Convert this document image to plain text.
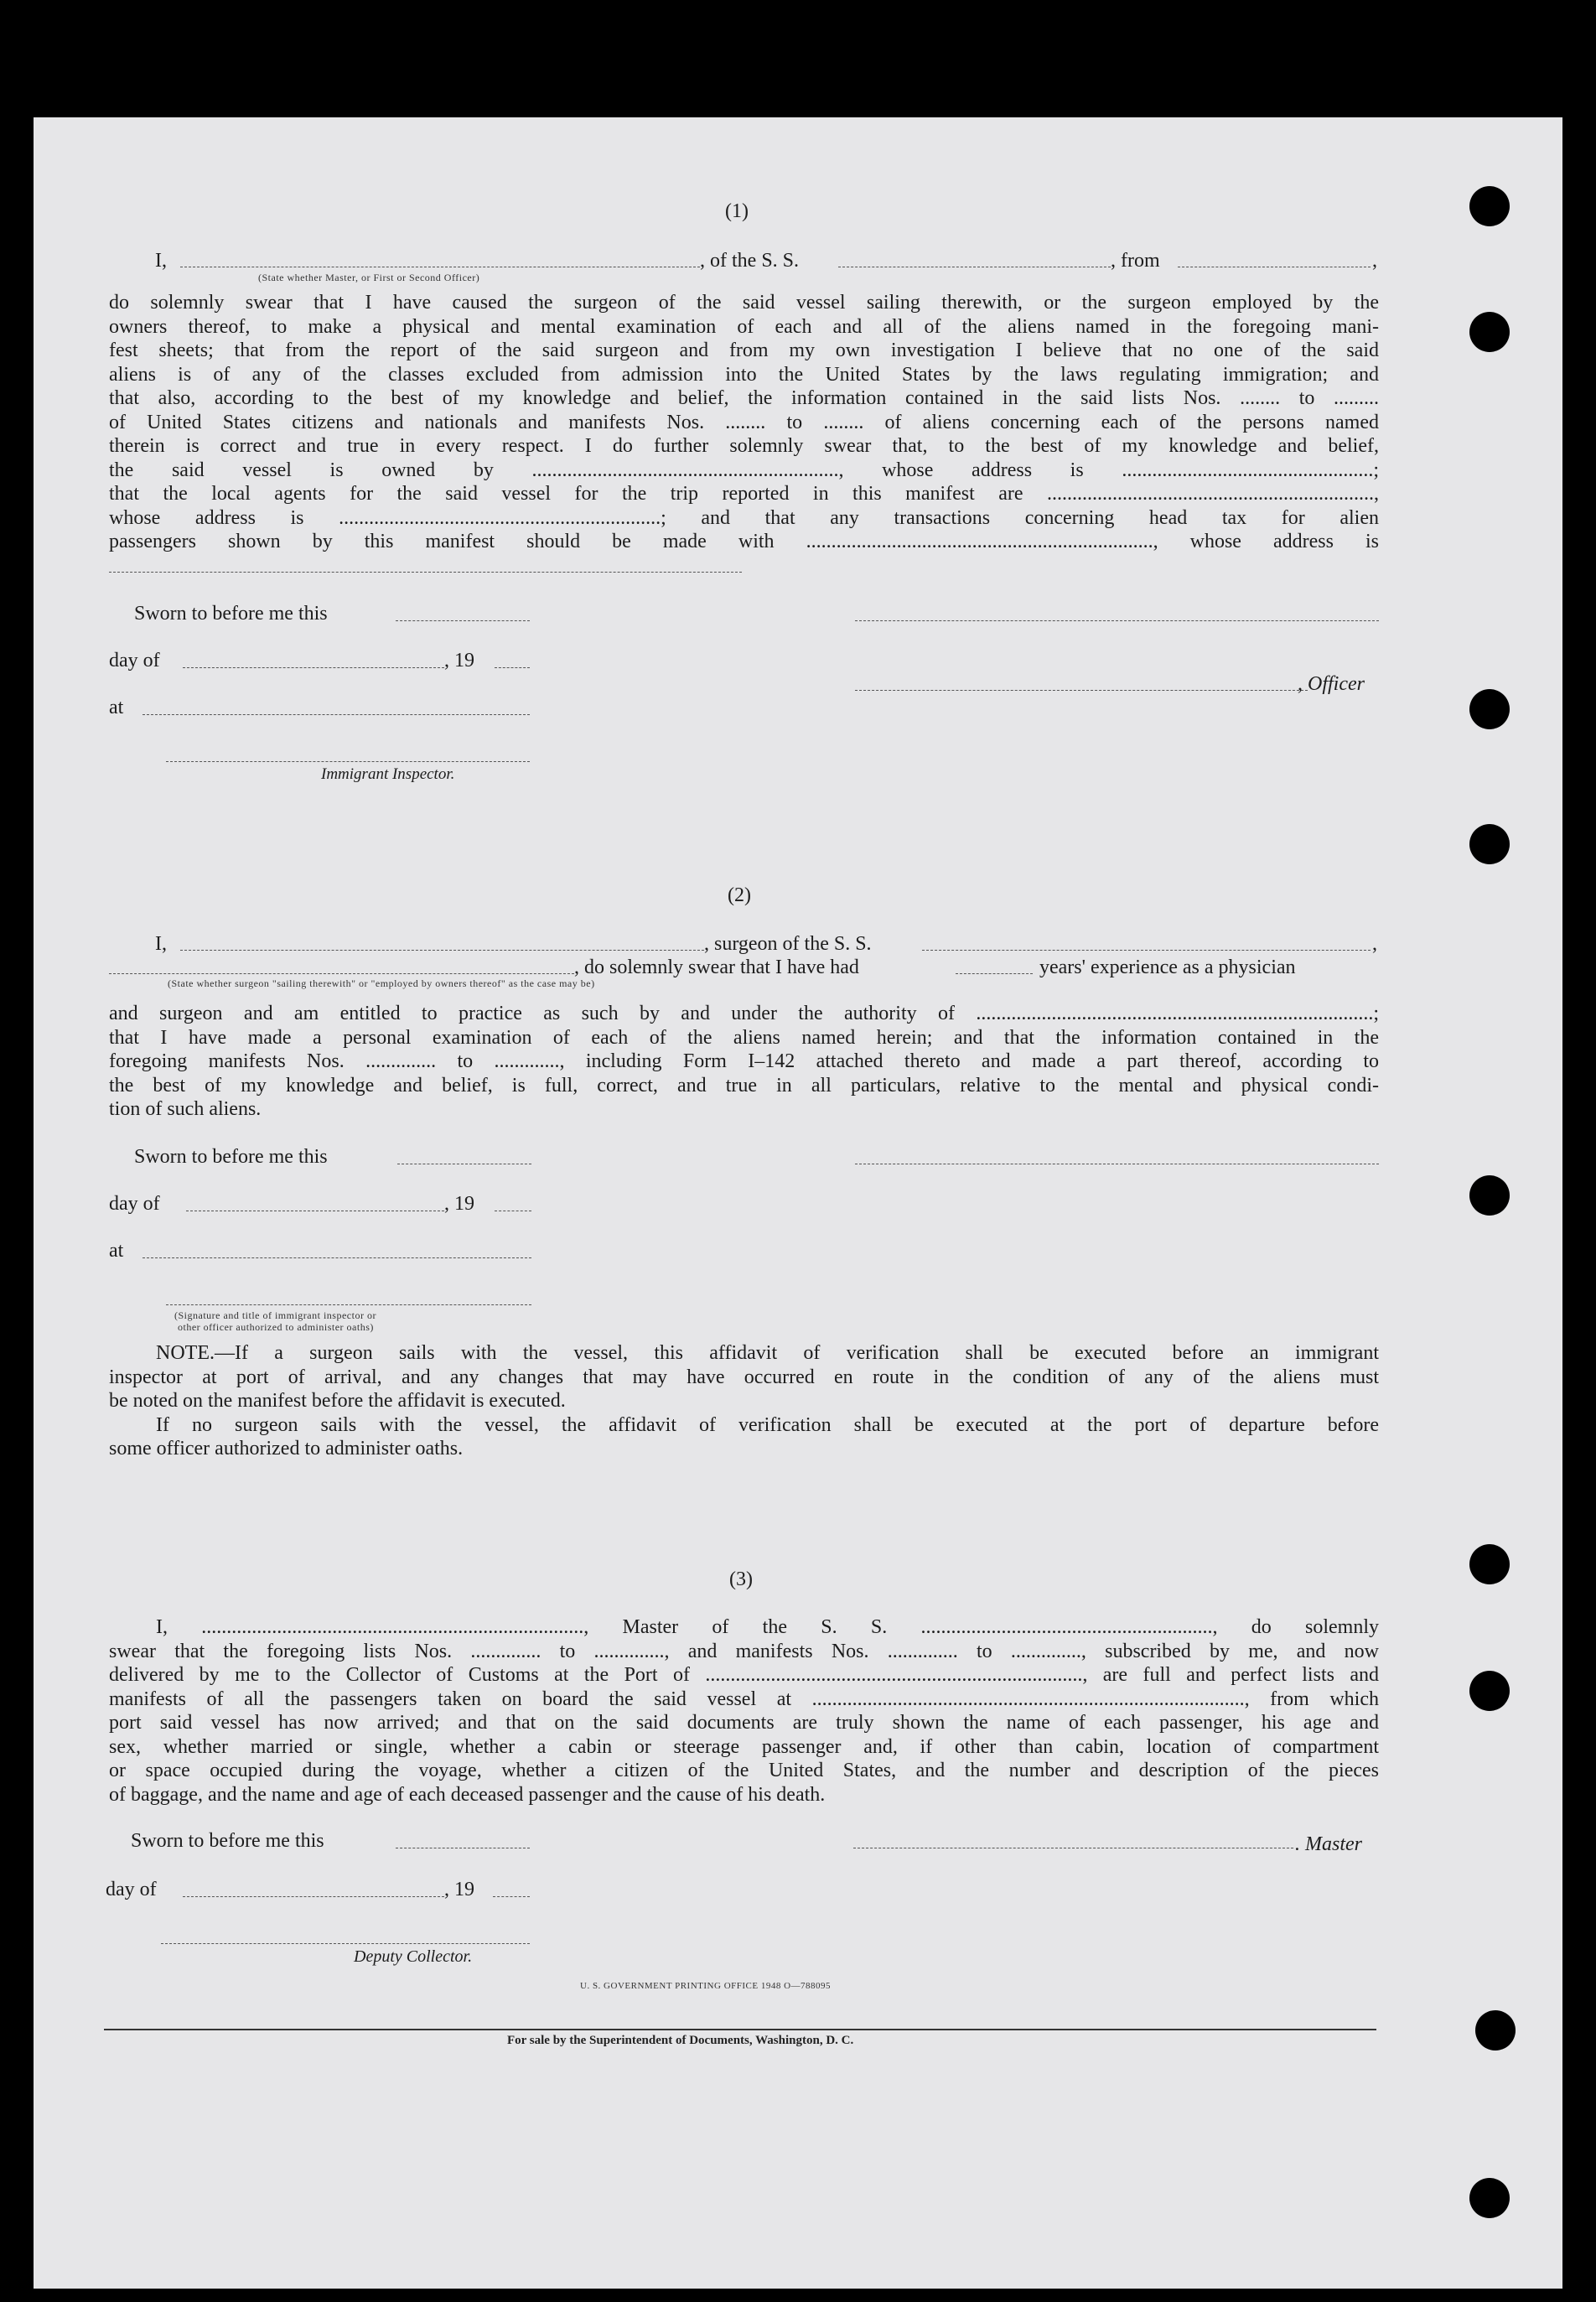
(1)
I,	, of the S. S.	, from	,
(State whether Master, or First or Second Officer)
do solemnly swear that I have caused the surgeon of the said vessel sailing therewith, or the surgeon employed by the
owners thereof, to make a physical and mental examination of each and all of the aliens named in the foregoing mani-
fest sheets; that from the report of the said surgeon and from my own investigation I believe that no one of the said
aliens is of any of the classes excluded from admission into the United States by the laws regulating immigration; and
that also, according to the best of my knowledge and belief, the information contained in the said lists Nos. ........ to .........
of United States citizens and nationals and manifests Nos. ........ to ........ of aliens concerning each of the persons named
therein is correct and true in every respect. I do further solemnly swear that, to the best of my knowledge and belief,
the said vessel is owned by ............................................................., whose address is ..................................................;
that the local agents for the said vessel for the trip reported in this manifest are .................................................................,
whose address is ................................................................; and that any transactions concerning head tax for alien
passengers shown by this manifest should be made with ....................................................................., whose address is
Sworn to before me this
day of	, 19
, Officer
at
Immigrant Inspector.
(2)
I,	, surgeon of the S. S.	,
, do solemnly swear that I have had	years' experience as a physician
(State whether surgeon "sailing therewith" or "employed by owners thereof" as the case may be)
and surgeon and am entitled to practice as such by and under the authority of ...............................................................................;
that I have made a personal examination of each of the aliens named herein; and that the information contained in the
foregoing manifests Nos. .............. to ............., including Form I–142 attached thereto and made a part thereof, according to
the best of my knowledge and belief, is full, correct, and true in all particulars, relative to the mental and physical condi-
tion of such aliens.
Sworn to before me this
day of	, 19
at
(Signature and title of immigrant inspector or
other officer authorized to administer oaths)
NOTE.—If a surgeon sails with the vessel, this affidavit of verification shall be executed before an immigrant
inspector at port of arrival, and any changes that may have occurred en route in the condition of any of the aliens must
be noted on the manifest before the affidavit is executed.
If no surgeon sails with the vessel, the affidavit of verification shall be executed at the port of departure before
some officer authorized to administer oaths.
(3)
I, ............................................................................, Master of the S. S. .........................................................., do solemnly
swear that the foregoing lists Nos. .............. to .............., and manifests Nos. .............. to .............., subscribed by me, and now
delivered by me to the Collector of Customs at the Port of ..........................................................................., are full and perfect lists and
manifests of all the passengers taken on board the said vessel at ......................................................................................, from which
port said vessel has now arrived; and that on the said documents are truly shown the name of each passenger, his age and
sex, whether married or single, whether a cabin or steerage passenger and, if other than cabin, location of compartment
or space occupied during the voyage, whether a citizen of the United States, and the number and description of the pieces
of baggage, and the name and age of each deceased passenger and the cause of his death.
Sworn to before me this	. Master
day of	, 19
Deputy Collector.
U. S. GOVERNMENT PRINTING OFFICE 1948 O—788095
For sale by the Superintendent of Documents, Washington, D. C.
